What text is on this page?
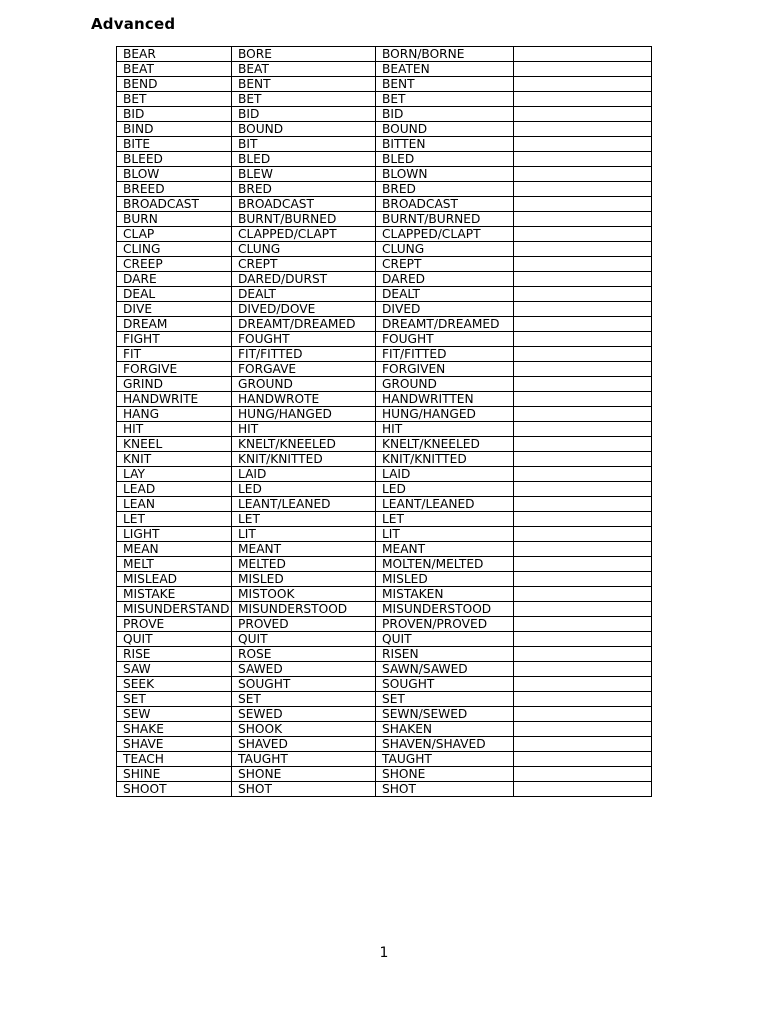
Advanced
BEAR	BORE	BORN/BORNE	
BEAT	BEAT	BEATEN	
BEND	BENT	BENT	
BET	BET	BET	
BID	BID	BID	
BIND	BOUND	BOUND	
BITE	BIT	BITTEN	
BLEED	BLED	BLED	
BLOW	BLEW	BLOWN	
BREED	BRED	BRED	
BROADCAST	BROADCAST	BROADCAST	
BURN	BURNT/BURNED	BURNT/BURNED	
CLAP	CLAPPED/CLAPT	CLAPPED/CLAPT	
CLING	CLUNG	CLUNG	
CREEP	CREPT	CREPT	
DARE	DARED/DURST	DARED	
DEAL	DEALT	DEALT	
DIVE	DIVED/DOVE	DIVED	
DREAM	DREAMT/DREAMED	DREAMT/DREAMED	
FIGHT	FOUGHT	FOUGHT	
FIT	FIT/FITTED	FIT/FITTED	
FORGIVE	FORGAVE	FORGIVEN	
GRIND	GROUND	GROUND	
HANDWRITE	HANDWROTE	HANDWRITTEN	
HANG	HUNG/HANGED	HUNG/HANGED	
HIT	HIT	HIT	
KNEEL	KNELT/KNEELED	KNELT/KNEELED	
KNIT	KNIT/KNITTED	KNIT/KNITTED	
LAY	LAID	LAID	
LEAD	LED	LED	
LEAN	LEANT/LEANED	LEANT/LEANED	
LET	LET	LET	
LIGHT	LIT	LIT	
MEAN	MEANT	MEANT	
MELT	MELTED	MOLTEN/MELTED	
MISLEAD	MISLED	MISLED	
MISTAKE	MISTOOK	MISTAKEN	
MISUNDERSTAND	MISUNDERSTOOD	MISUNDERSTOOD	
PROVE	PROVED	PROVEN/PROVED	
QUIT	QUIT	QUIT	
RISE	ROSE	RISEN	
SAW	SAWED	SAWN/SAWED	
SEEK	SOUGHT	SOUGHT	
SET	SET	SET	
SEW	SEWED	SEWN/SEWED	
SHAKE	SHOOK	SHAKEN	
SHAVE	SHAVED	SHAVEN/SHAVED	
TEACH	TAUGHT	TAUGHT	
SHINE	SHONE	SHONE	
SHOOT	SHOT	SHOT	
1
